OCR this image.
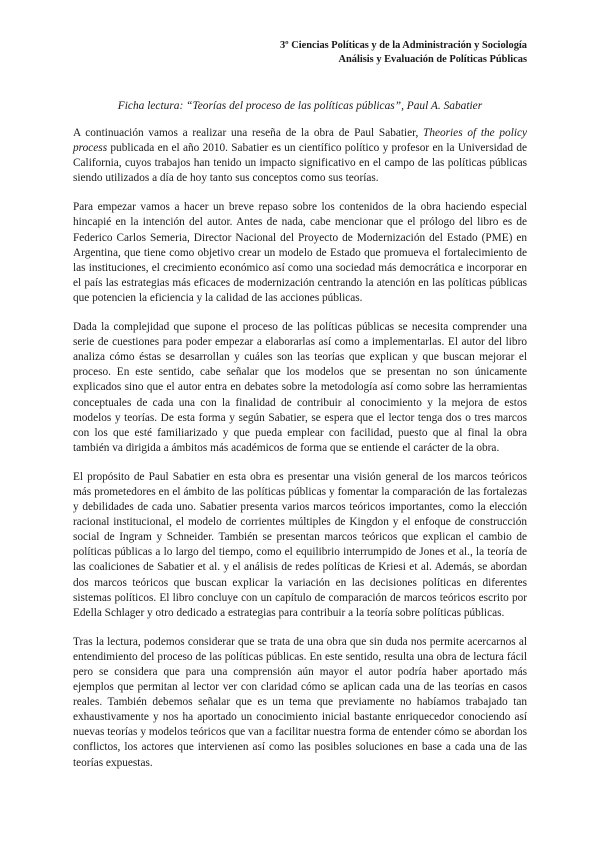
3º Ciencias Políticas y de la Administración y Sociología
Análisis y Evaluación de Políticas Públicas
Ficha lectura: “Teorías del proceso de las políticas públicas”, Paul A. Sabatier

A continuación vamos a realizar una reseña de la obra de Paul Sabatier, Theories of the policy process publicada en el año 2010. Sabatier es un científico político y profesor en la Universidad de California, cuyos trabajos han tenido un impacto significativo en el campo de las políticas públicas siendo utilizados a día de hoy tanto sus conceptos como sus teorías.

Para empezar vamos a hacer un breve repaso sobre los contenidos de la obra haciendo especial hincapié en la intención del autor. Antes de nada, cabe mencionar que el prólogo del libro es de Federico Carlos Semeria, Director Nacional del Proyecto de Modernización del Estado (PME) en Argentina, que tiene como objetivo crear un modelo de Estado que promueva el fortalecimiento de las instituciones, el crecimiento económico así como una sociedad más democrática e incorporar en el país las estrategias más eficaces de modernización centrando la atención en las políticas públicas que potencien la eficiencia y la calidad de las acciones públicas.

Dada la complejidad que supone el proceso de las políticas públicas se necesita comprender una serie de cuestiones para poder empezar a elaborarlas así como a implementarlas. El autor del libro analiza cómo éstas se desarrollan y cuáles son las teorías que explican y que buscan mejorar el proceso. En este sentido, cabe señalar que los modelos que se presentan no son únicamente explicados sino que el autor entra en debates sobre la metodología así como sobre las herramientas conceptuales de cada una con la finalidad de contribuir al conocimiento y la mejora de estos modelos y teorías. De esta forma y según Sabatier, se espera que el lector tenga dos o tres marcos con los que esté familiarizado y que pueda emplear con facilidad, puesto que al final la obra también va dirigida a ámbitos más académicos de forma que se entiende el carácter de la obra.

El propósito de Paul Sabatier en esta obra es presentar una visión general de los marcos teóricos más prometedores en el ámbito de las políticas públicas y fomentar la comparación de las fortalezas y debilidades de cada uno. Sabatier presenta varios marcos teóricos importantes, como la elección racional institucional, el modelo de corrientes múltiples de Kingdon y el enfoque de construcción social de Ingram y Schneider. También se presentan marcos teóricos que explican el cambio de políticas públicas a lo largo del tiempo, como el equilibrio interrumpido de Jones et al., la teoría de las coaliciones de Sabatier et al. y el análisis de redes políticas de Kriesi et al. Además, se abordan dos marcos teóricos que buscan explicar la variación en las decisiones políticas en diferentes sistemas políticos. El libro concluye con un capítulo de comparación de marcos teóricos escrito por Edella Schlager y otro dedicado a estrategias para contribuir a la teoría sobre políticas públicas.

Tras la lectura, podemos considerar que se trata de una obra que sin duda nos permite acercarnos al entendimiento del proceso de las políticas públicas. En este sentido, resulta una obra de lectura fácil pero se considera que para una comprensión aún mayor el autor podría haber aportado más ejemplos que permitan al lector ver con claridad cómo se aplican cada una de las teorías en casos reales. También debemos señalar que es un tema que previamente no habíamos trabajado tan exhaustivamente y nos ha aportado un conocimiento inicial bastante enriquecedor conociendo así nuevas teorías y modelos teóricos que van a facilitar nuestra forma de entender cómo se abordan los conflictos, los actores que intervienen así como las posibles soluciones en base a cada una de las teorías expuestas.
